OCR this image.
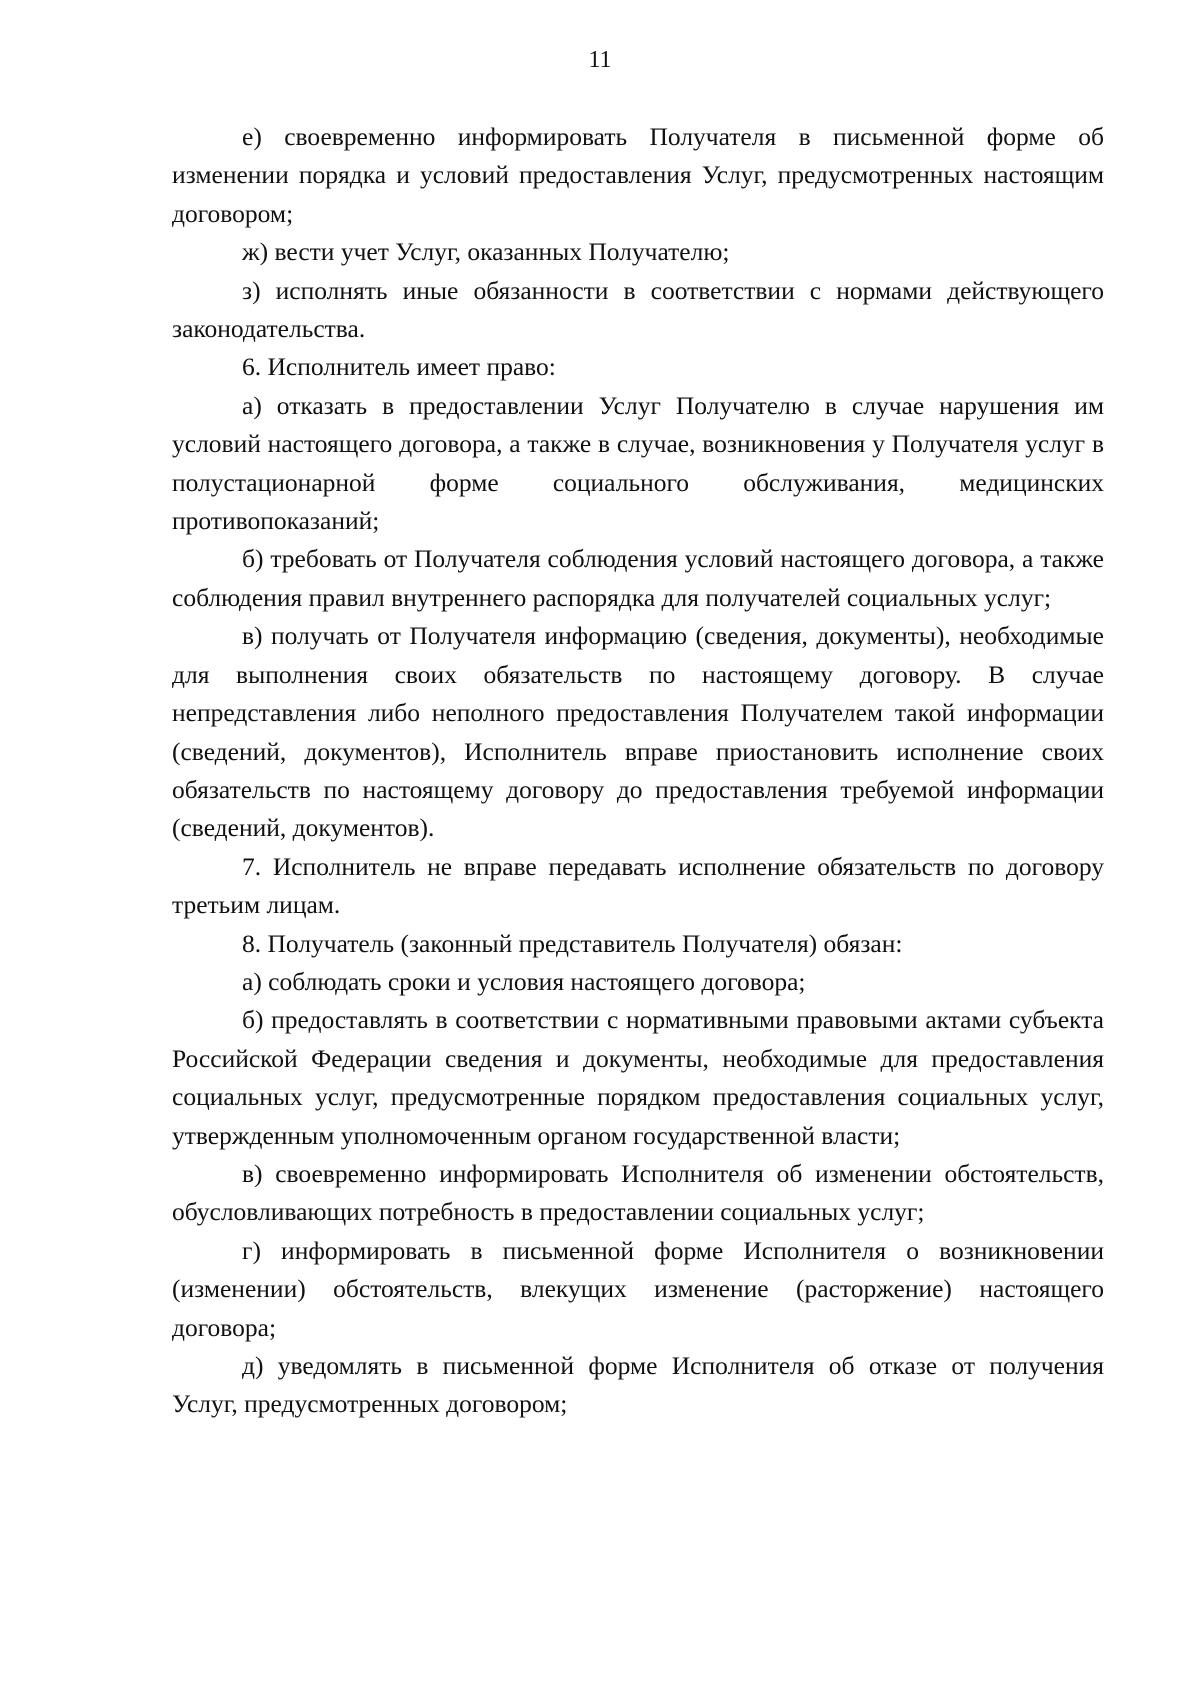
11

е) своевременно информировать Получателя в письменной форме об изменении порядка и условий предоставления Услуг, предусмотренных настоящим договором;

ж) вести учет Услуг, оказанных Получателю;

з) исполнять иные обязанности в соответствии с нормами действующего законодательства.

6. Исполнитель имеет право:

а) отказать в предоставлении Услуг Получателю в случае нарушения им условий настоящего договора, а также в случае, возникновения у Получателя услуг в полустационарной форме социального обслуживания, медицинских противопоказаний;

б) требовать от Получателя соблюдения условий настоящего договора, а также соблюдения правил внутреннего распорядка для получателей социальных услуг;

в) получать от Получателя информацию (сведения, документы), необходимые для выполнения своих обязательств по настоящему договору. В случае непредставления либо неполного предоставления Получателем такой информации (сведений, документов), Исполнитель вправе приостановить исполнение своих обязательств по настоящему договору до предоставления требуемой информации (сведений, документов).

7. Исполнитель не вправе передавать исполнение обязательств по договору третьим лицам.

8. Получатель (законный представитель Получателя) обязан:

а) соблюдать сроки и условия настоящего договора;

б) предоставлять в соответствии с нормативными правовыми актами субъекта Российской Федерации сведения и документы, необходимые для предоставления социальных услуг, предусмотренные порядком предоставления социальных услуг, утвержденным уполномоченным органом государственной власти;

в) своевременно информировать Исполнителя об изменении обстоятельств, обусловливающих потребность в предоставлении социальных услуг;

г) информировать в письменной форме Исполнителя о возникновении (изменении) обстоятельств, влекущих изменение (расторжение) настоящего договора;

д) уведомлять в письменной форме Исполнителя об отказе от получения Услуг, предусмотренных договором;
